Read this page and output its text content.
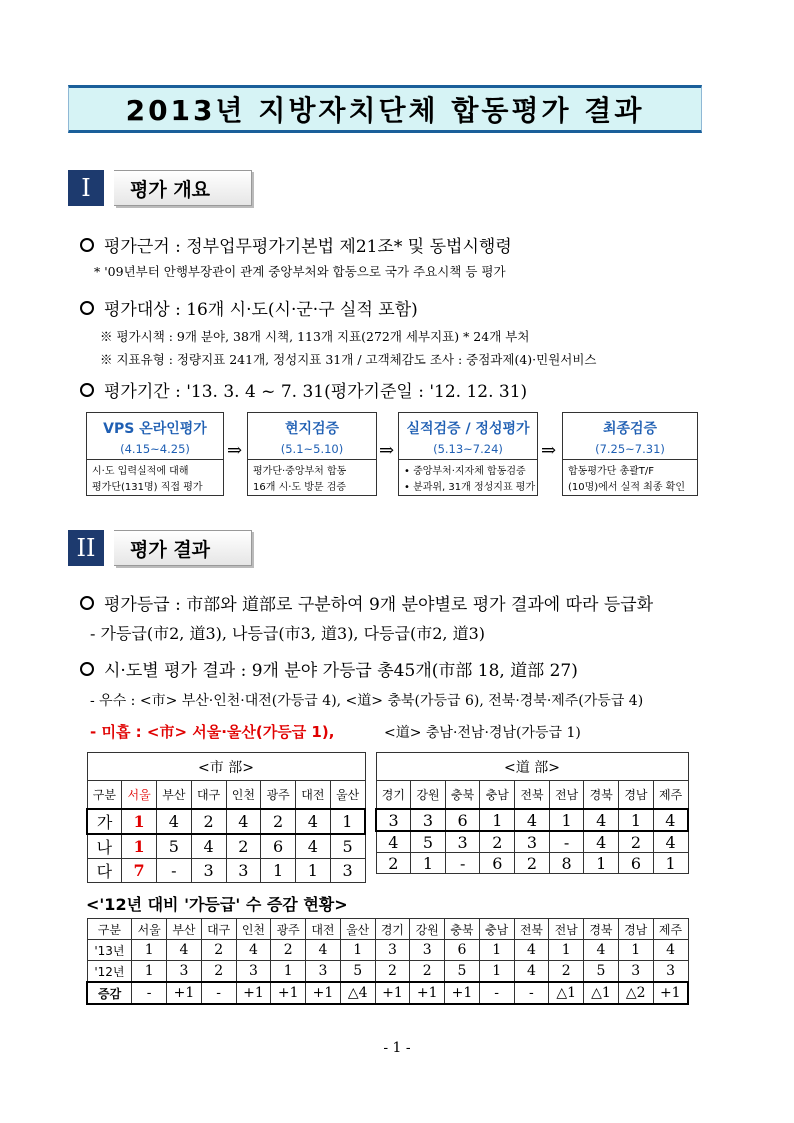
2013년 지방자치단체 합동평가 결과
I	평가 개요
평가근거 : 정부업무평가기본법 제21조* 및 동법시행령
* '09년부터 안행부장관이 관계 중앙부처와 합동으로 국가 주요시책 등 평가
평가대상 : 16개 시·도(시·군·구 실적 포함)
※ 평가시책 : 9개 분야, 38개 시책, 113개 지표(272개 세부지표) * 24개 부처
※ 지표유형 : 정량지표 241개, 정성지표 31개 / 고객체감도 조사 : 중점과제(4)·민원서비스
평가기간 : '13. 3. 4 ~ 7. 31(평가기준일 : '12. 12. 31)
VPS 온라인평가
(4.15~4.25)
시·도 입력실적에 대해
평가단(131명) 직접 평가
⇒
현지검증
(5.1~5.10)
평가단·중앙부처 합동
16개 시·도 방문 검증
⇒
실적검증 / 정성평가
(5.13~7.24)
• 중앙부처·지자체 합동검증
• 분과위, 31개 정성지표 평가
⇒
최종검증
(7.25~7.31)
합동평가단 총괄T/F
(10명)에서 실적 최종 확인
II	평가 결과
평가등급 : 市部와 道部로 구분하여 9개 분야별로 평가 결과에 따라 등급화
- 가등급(市2, 道3), 나등급(市3, 道3), 다등급(市2, 道3)
시·도별 평가 결과 : 9개 분야 가등급 총45개(市部 18, 道部 27)
- 우수 : <市> 부산·인천·대전(가등급 4), <道> 충북(가등급 6), 전북·경북·제주(가등급 4)
- 미흡 : <市> 서울·울산(가등급 1),	<道> 충남·전남·경남(가등급 1)
<市 部>							
구분	서울	부산	대구	인천	광주	대전	울산
가	1	4	2	4	2	4	1
나	1	5	4	2	6	4	5
다	7	-	3	3	1	1	3
<道 部>								
경기	강원	충북	충남	전북	전남	경북	경남	제주
3	3	6	1	4	1	4	1	4
4	5	3	2	3	-	4	2	4
2	1	-	6	2	8	1	6	1
<'12년 대비 '가등급' 수 증감 현황>
구분	서울	부산	대구	인천	광주	대전	울산	경기	강원	충북	충남	전북	전남	경북	경남	제주
'13년	1	4	2	4	2	4	1	3	3	6	1	4	1	4	1	4
'12년	1	3	2	3	1	3	5	2	2	5	1	4	2	5	3	3
증감	-	+1	-	+1	+1	+1	△4	+1	+1	+1	-	-	△1	△1	△2	+1
- 1 -
